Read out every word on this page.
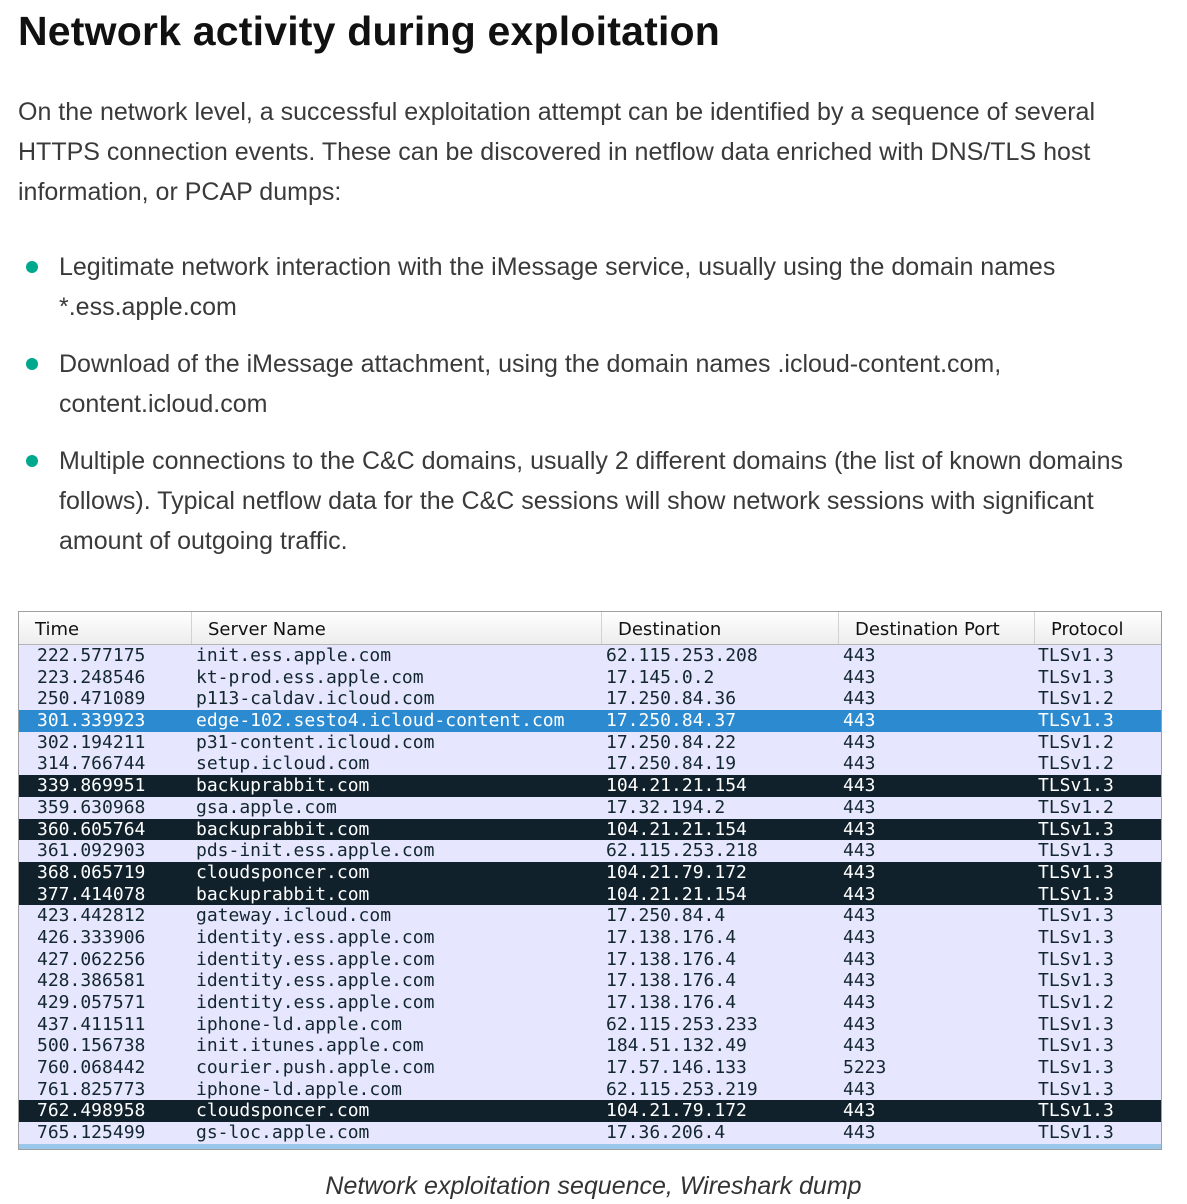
Network activity during exploitation

On the network level, a successful exploitation attempt can be identified by a sequence of several HTTPS connection events. These can be discovered in netflow data enriched with DNS/TLS host information, or PCAP dumps:

Legitimate network interaction with the iMessage service, usually using the domain names *.ess.apple.com
Download of the iMessage attachment, using the domain names .icloud-content.com, content.icloud.com
Multiple connections to the C&C domains, usually 2 different domains (the list of known domains follows). Typical netflow data for the C&C sessions will show network sessions with significant amount of outgoing traffic.
Time	Server Name	Destination	Destination Port	Protocol
222.577175	init.ess.apple.com	62.115.253.208	443	TLSv1.3
223.248546	kt-prod.ess.apple.com	17.145.0.2	443	TLSv1.3
250.471089	p113-caldav.icloud.com	17.250.84.36	443	TLSv1.2
301.339923	edge-102.sesto4.icloud-content.com	17.250.84.37	443	TLSv1.3
302.194211	p31-content.icloud.com	17.250.84.22	443	TLSv1.2
314.766744	setup.icloud.com	17.250.84.19	443	TLSv1.2
339.869951	backuprabbit.com	104.21.21.154	443	TLSv1.3
359.630968	gsa.apple.com	17.32.194.2	443	TLSv1.2
360.605764	backuprabbit.com	104.21.21.154	443	TLSv1.3
361.092903	pds-init.ess.apple.com	62.115.253.218	443	TLSv1.3
368.065719	cloudsponcer.com	104.21.79.172	443	TLSv1.3
377.414078	backuprabbit.com	104.21.21.154	443	TLSv1.3
423.442812	gateway.icloud.com	17.250.84.4	443	TLSv1.3
426.333906	identity.ess.apple.com	17.138.176.4	443	TLSv1.3
427.062256	identity.ess.apple.com	17.138.176.4	443	TLSv1.3
428.386581	identity.ess.apple.com	17.138.176.4	443	TLSv1.3
429.057571	identity.ess.apple.com	17.138.176.4	443	TLSv1.2
437.411511	iphone-ld.apple.com	62.115.253.233	443	TLSv1.3
500.156738	init.itunes.apple.com	184.51.132.49	443	TLSv1.3
760.068442	courier.push.apple.com	17.57.146.133	5223	TLSv1.3
761.825773	iphone-ld.apple.com	62.115.253.219	443	TLSv1.3
762.498958	cloudsponcer.com	104.21.79.172	443	TLSv1.3
765.125499	gs-loc.apple.com	17.36.206.4	443	TLSv1.3
Network exploitation sequence, Wireshark dump
